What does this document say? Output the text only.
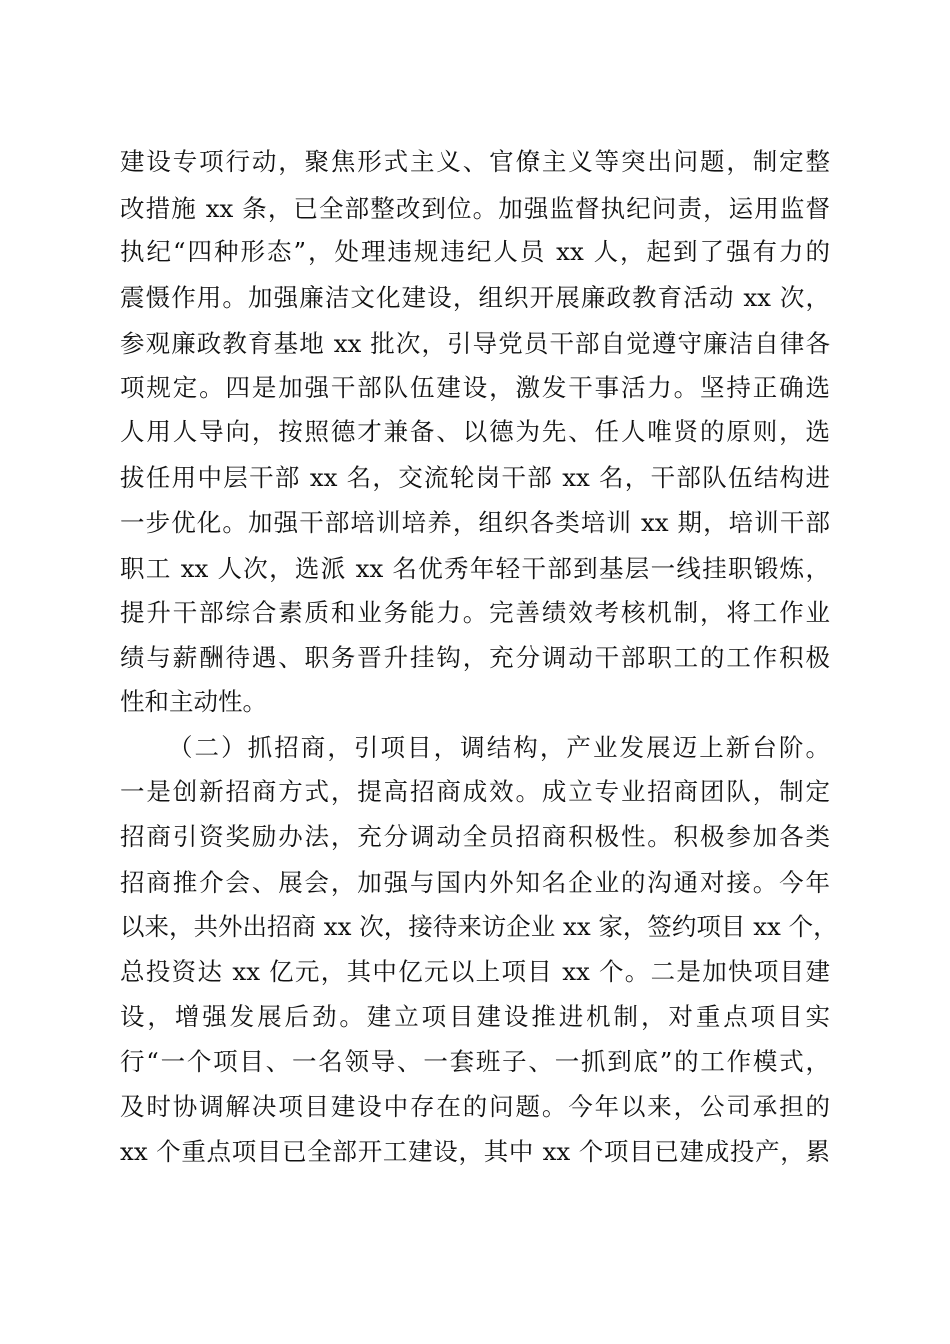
建设专项行动，聚焦形式主义、官僚主义等突出问题，制定整
改措施 xx 条，已全部整改到位。加强监督执纪问责，运用监督
执纪“四种形态”，处理违规违纪人员 xx 人，起到了强有力的
震慑作用。加强廉洁文化建设，组织开展廉政教育活动 xx 次，
参观廉政教育基地 xx 批次，引导党员干部自觉遵守廉洁自律各
项规定。四是加强干部队伍建设，激发干事活力。坚持正确选
人用人导向，按照德才兼备、以德为先、任人唯贤的原则，选
拔任用中层干部 xx 名，交流轮岗干部 xx 名，干部队伍结构进
一步优化。加强干部培训培养，组织各类培训 xx 期，培训干部
职工 xx 人次，选派 xx 名优秀年轻干部到基层一线挂职锻炼，
提升干部综合素质和业务能力。完善绩效考核机制，将工作业
绩与薪酬待遇、职务晋升挂钩，充分调动干部职工的工作积极
性和主动性。
（二）抓招商，引项目，调结构，产业发展迈上新台阶。
一是创新招商方式，提高招商成效。成立专业招商团队，制定
招商引资奖励办法，充分调动全员招商积极性。积极参加各类
招商推介会、展会，加强与国内外知名企业的沟通对接。今年
以来，共外出招商 xx 次，接待来访企业 xx 家，签约项目 xx 个，
总投资达 xx 亿元，其中亿元以上项目 xx 个。二是加快项目建
设，增强发展后劲。建立项目建设推进机制，对重点项目实
行“一个项目、一名领导、一套班子、一抓到底”的工作模式，
及时协调解决项目建设中存在的问题。今年以来，公司承担的
xx 个重点项目已全部开工建设，其中 xx 个项目已建成投产，累
